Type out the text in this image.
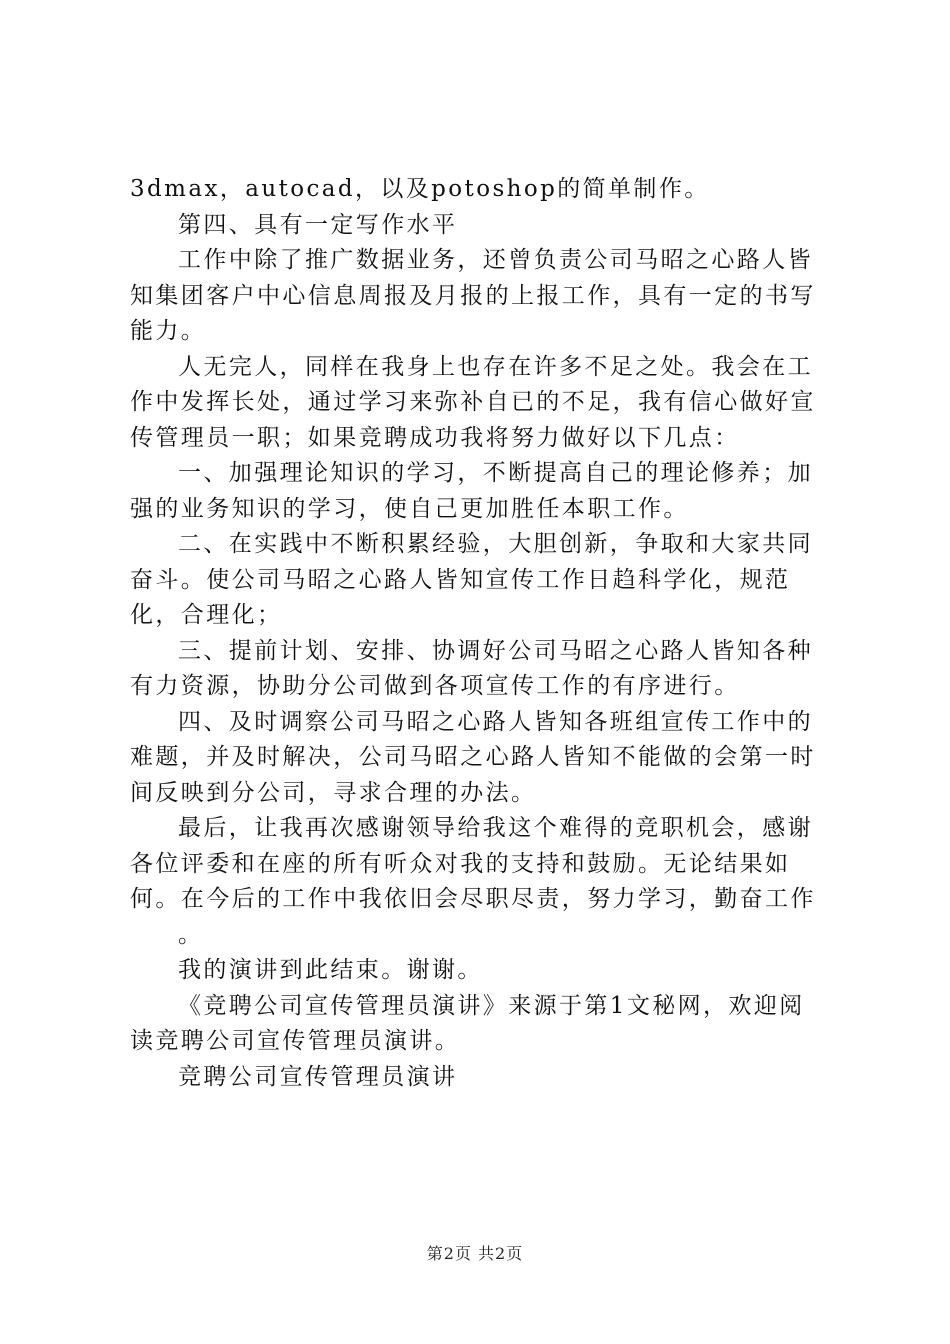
3dmax，autocad，以及potoshop的简单制作。

第四、具有一定写作水平

工作中除了推广数据业务，还曾负责公司马昭之心路人皆知集团客户中心信息周报及月报的上报工作，具有一定的书写能力。

人无完人，同样在我身上也存在许多不足之处。我会在工作中发挥长处，通过学习来弥补自已的不足，我有信心做好宣传管理员一职；如果竞聘成功我将努力做好以下几点：

一、加强理论知识的学习，不断提高自己的理论修养；加强的业务知识的学习，使自己更加胜任本职工作。

二、在实践中不断积累经验，大胆创新，争取和大家共同奋斗。使公司马昭之心路人皆知宣传工作日趋科学化，规范化，合理化；

三、提前计划、安排、协调好公司马昭之心路人皆知各种有力资源，协助分公司做到各项宣传工作的有序进行。

四、及时调察公司马昭之心路人皆知各班组宣传工作中的难题，并及时解决，公司马昭之心路人皆知不能做的会第一时间反映到分公司，寻求合理的办法。

最后，让我再次感谢领导给我这个难得的竞职机会，感谢各位评委和在座的所有听众对我的支持和鼓励。无论结果如何。在今后的工作中我依旧会尽职尽责，努力学习，勤奋工作

。

我的演讲到此结束。谢谢。

《竞聘公司宣传管理员演讲》来源于第1文秘网，欢迎阅读竞聘公司宣传管理员演讲。

竞聘公司宣传管理员演讲

第2页 共2页
